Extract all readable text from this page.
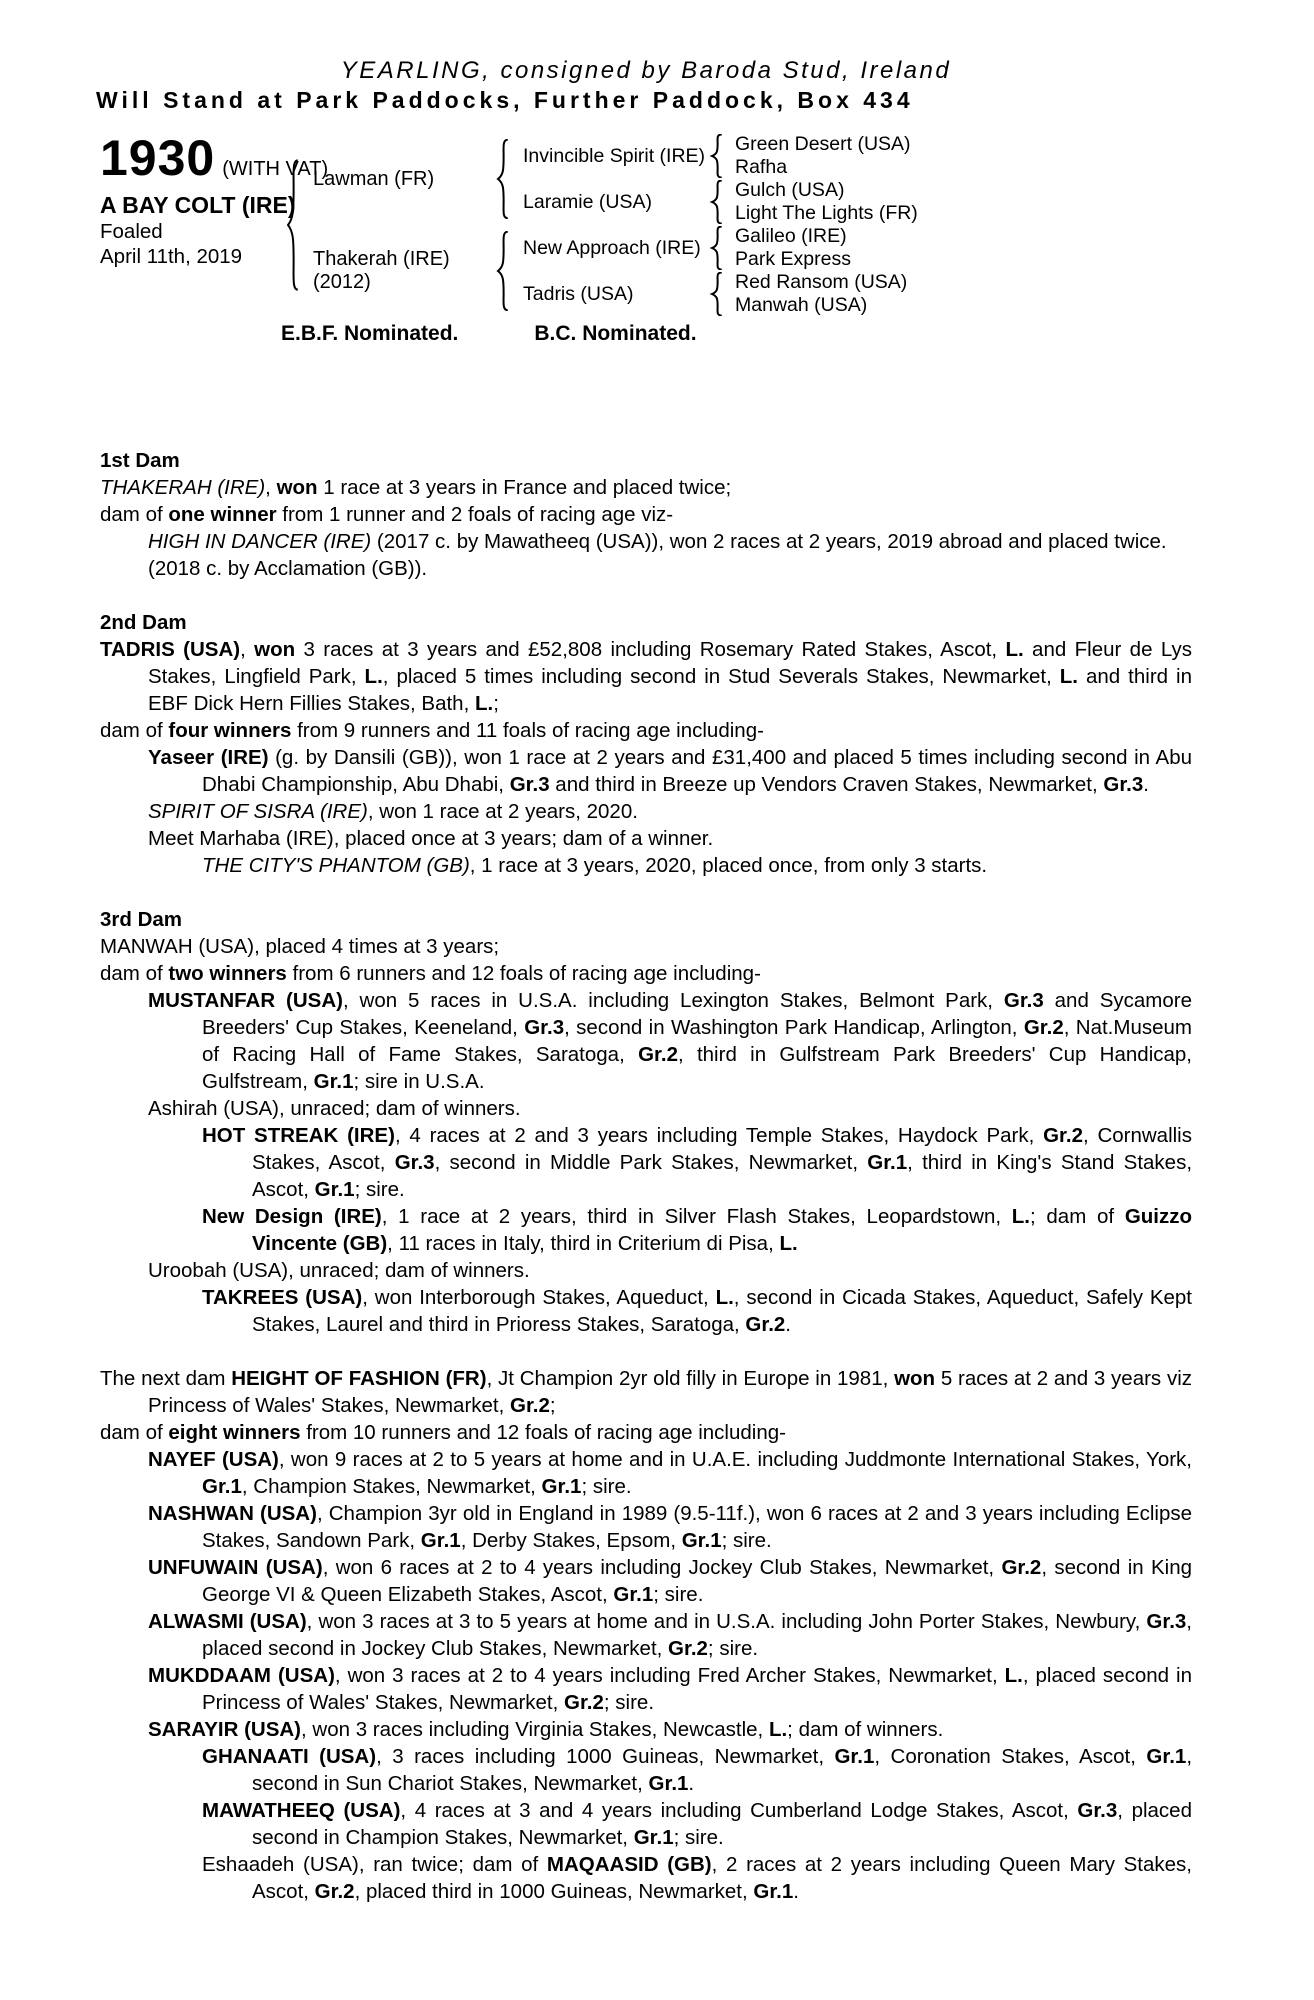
YEARLING, consigned by Baroda Stud, Ireland
Will Stand at Park Paddocks, Further Paddock, Box 434
1930 (WITH VAT)
A BAY COLT (IRE)
Foaled
April 11th, 2019
Lawman (FR)
Thakerah (IRE)
(2012)
Invincible Spirit (IRE)
Laramie (USA)
New Approach (IRE)
Tadris (USA)
Green Desert (USA)
Rafha
Gulch (USA)
Light The Lights (FR)
Galileo (IRE)
Park Express
Red Ransom (USA)
Manwah (USA)
E.B.F. Nominated.	B.C. Nominated.
1st Dam

THAKERAH (IRE), won 1 race at 3 years in France and placed twice;

dam of one winner from 1 runner and 2 foals of racing age viz-

HIGH IN DANCER (IRE) (2017 c. by Mawatheeq (USA)), won 2 races at 2 years, 2019 abroad and placed twice.

(2018 c. by Acclamation (GB)).

2nd Dam

TADRIS (USA), won 3 races at 3 years and £52,808 including Rosemary Rated Stakes, Ascot, L. and Fleur de Lys Stakes, Lingfield Park, L., placed 5 times including second in Stud Severals Stakes, Newmarket, L. and third in EBF Dick Hern Fillies Stakes, Bath, L.;

dam of four winners from 9 runners and 11 foals of racing age including-

Yaseer (IRE) (g. by Dansili (GB)), won 1 race at 2 years and £31,400 and placed 5 times including second in Abu Dhabi Championship, Abu Dhabi, Gr.3 and third in Breeze up Vendors Craven Stakes, Newmarket, Gr.3.

SPIRIT OF SISRA (IRE), won 1 race at 2 years, 2020.

Meet Marhaba (IRE), placed once at 3 years; dam of a winner.

THE CITY'S PHANTOM (GB), 1 race at 3 years, 2020, placed once, from only 3 starts.

3rd Dam

MANWAH (USA), placed 4 times at 3 years;

dam of two winners from 6 runners and 12 foals of racing age including-

MUSTANFAR (USA), won 5 races in U.S.A. including Lexington Stakes, Belmont Park, Gr.3 and Sycamore Breeders' Cup Stakes, Keeneland, Gr.3, second in Washington Park Handicap, Arlington, Gr.2, Nat.Museum of Racing Hall of Fame Stakes, Saratoga, Gr.2, third in Gulfstream Park Breeders' Cup Handicap, Gulfstream, Gr.1; sire in U.S.A.

Ashirah (USA), unraced; dam of winners.

HOT STREAK (IRE), 4 races at 2 and 3 years including Temple Stakes, Haydock Park, Gr.2, Cornwallis Stakes, Ascot, Gr.3, second in Middle Park Stakes, Newmarket, Gr.1, third in King's Stand Stakes, Ascot, Gr.1; sire.

New Design (IRE), 1 race at 2 years, third in Silver Flash Stakes, Leopardstown, L.; dam of Guizzo Vincente (GB), 11 races in Italy, third in Criterium di Pisa, L.

Uroobah (USA), unraced; dam of winners.

TAKREES (USA), won Interborough Stakes, Aqueduct, L., second in Cicada Stakes, Aqueduct, Safely Kept Stakes, Laurel and third in Prioress Stakes, Saratoga, Gr.2.

The next dam HEIGHT OF FASHION (FR), Jt Champion 2yr old filly in Europe in 1981, won 5 races at 2 and 3 years viz Princess of Wales' Stakes, Newmarket, Gr.2;

dam of eight winners from 10 runners and 12 foals of racing age including-

NAYEF (USA), won 9 races at 2 to 5 years at home and in U.A.E. including Juddmonte International Stakes, York, Gr.1, Champion Stakes, Newmarket, Gr.1; sire.

NASHWAN (USA), Champion 3yr old in England in 1989 (9.5-11f.), won 6 races at 2 and 3 years including Eclipse Stakes, Sandown Park, Gr.1, Derby Stakes, Epsom, Gr.1; sire.

UNFUWAIN (USA), won 6 races at 2 to 4 years including Jockey Club Stakes, Newmarket, Gr.2, second in King George VI & Queen Elizabeth Stakes, Ascot, Gr.1; sire.

ALWASMI (USA), won 3 races at 3 to 5 years at home and in U.S.A. including John Porter Stakes, Newbury, Gr.3, placed second in Jockey Club Stakes, Newmarket, Gr.2; sire.

MUKDDAAM (USA), won 3 races at 2 to 4 years including Fred Archer Stakes, Newmarket, L., placed second in Princess of Wales' Stakes, Newmarket, Gr.2; sire.

SARAYIR (USA), won 3 races including Virginia Stakes, Newcastle, L.; dam of winners.

GHANAATI (USA), 3 races including 1000 Guineas, Newmarket, Gr.1, Coronation Stakes, Ascot, Gr.1, second in Sun Chariot Stakes, Newmarket, Gr.1.

MAWATHEEQ (USA), 4 races at 3 and 4 years including Cumberland Lodge Stakes, Ascot, Gr.3, placed second in Champion Stakes, Newmarket, Gr.1; sire.

Eshaadeh (USA), ran twice; dam of MAQAASID (GB), 2 races at 2 years including Queen Mary Stakes, Ascot, Gr.2, placed third in 1000 Guineas, Newmarket, Gr.1.
